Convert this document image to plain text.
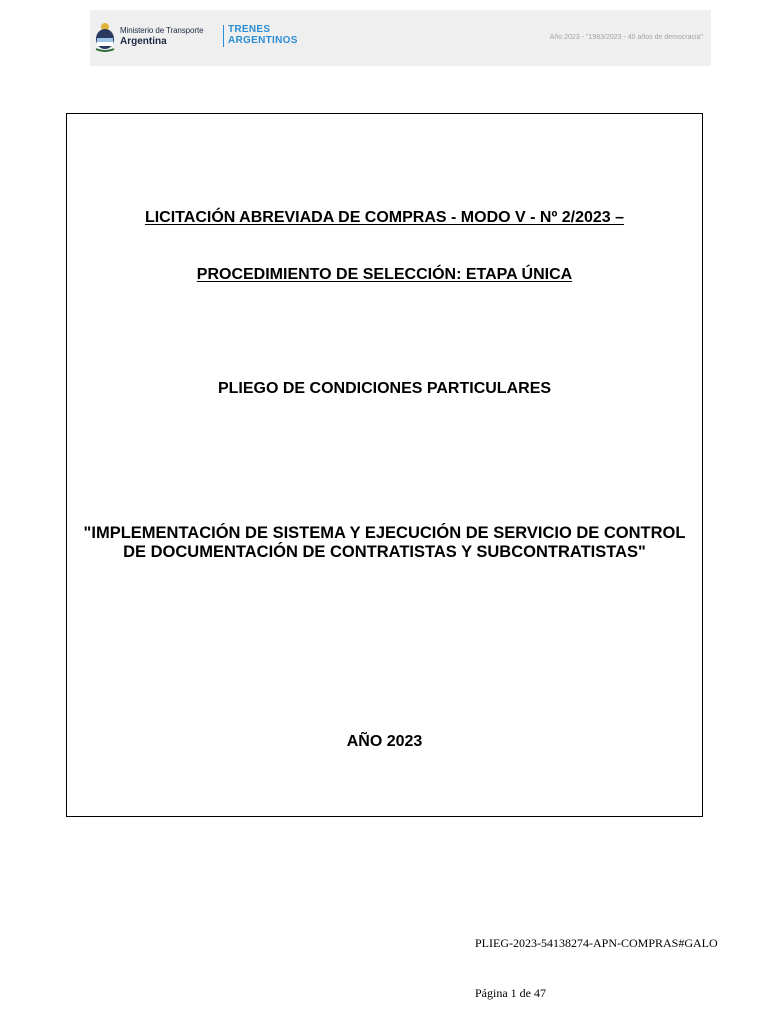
Ministerio de Transporte
Argentina
TRENES
ARGENTINOS	Año 2023 - "1983/2023 - 40 años de democracia"
LICITACIÓN ABREVIADA DE COMPRAS - MODO V - Nº 2/2023 –
PROCEDIMIENTO DE SELECCIÓN: ETAPA ÚNICA
PLIEGO DE CONDICIONES PARTICULARES
"IMPLEMENTACIÓN DE SISTEMA Y EJECUCIÓN DE SERVICIO DE CONTROL DE DOCUMENTACIÓN DE CONTRATISTAS Y SUBCONTRATISTAS"
AÑO 2023
PLIEG-2023-54138274-APN-COMPRAS#GALO
Página 1 de 47
